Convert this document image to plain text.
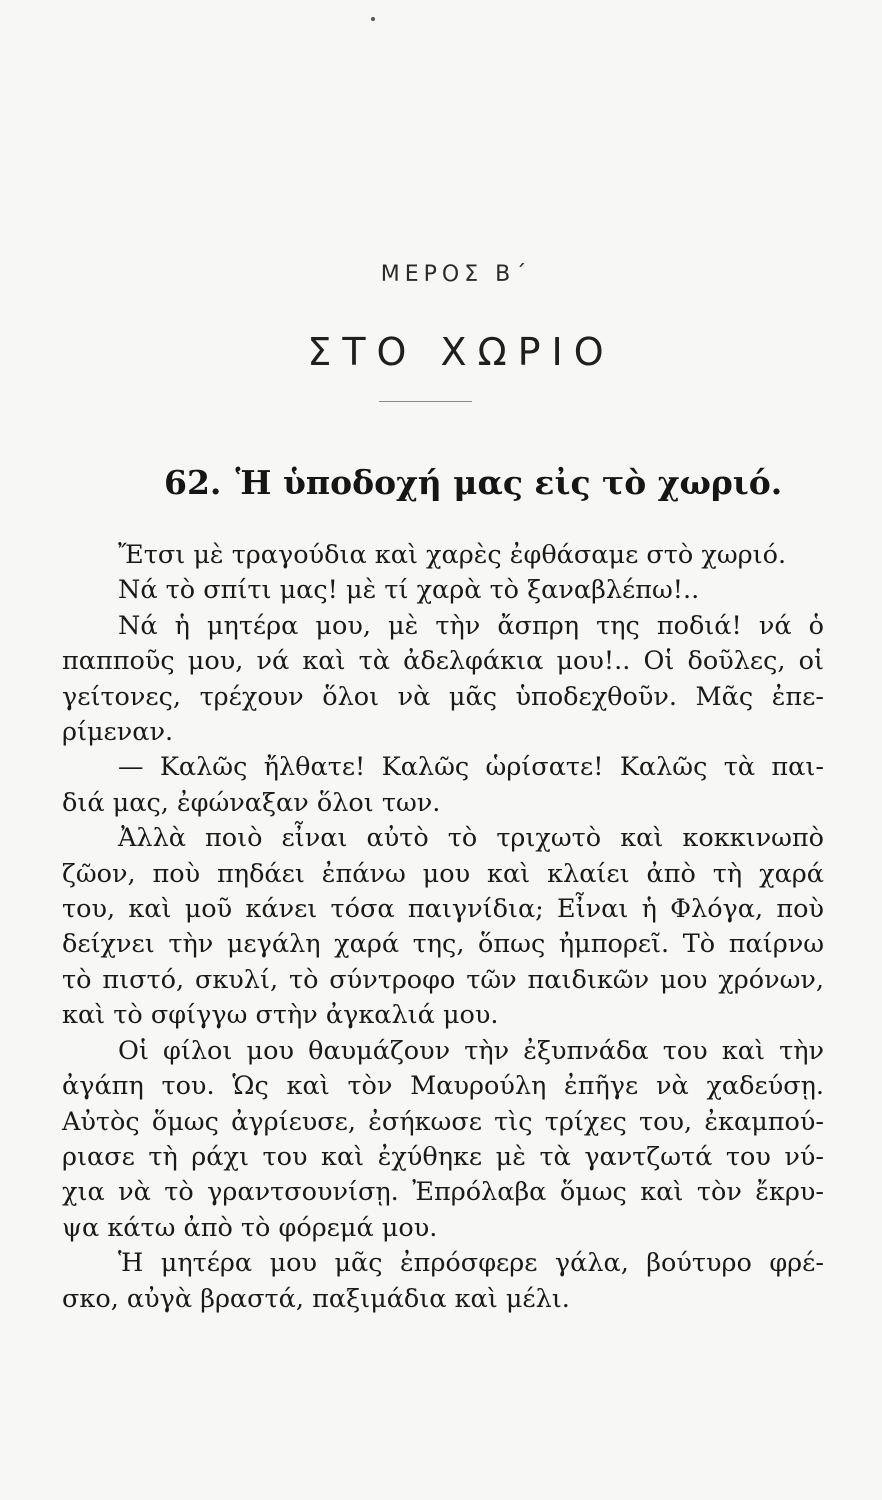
ΜΕΡΟΣ Β΄
ΣΤΟ ΧΩΡΙΟ
62. Ἡ ὑποδοχή μας εἰς τὸ χωριό.
Ἔτσι μὲ τραγούδια καὶ χαρὲς ἐφθάσαμε στὸ χωριό.
Νά τὸ σπίτι μας! μὲ τί χαρὰ τὸ ξαναβλέπω!..
Νά ἡ μητέρα μου, μὲ τὴν ἄσπρη της ποδιά! νά ὁ
παπποῦς μου, νά καὶ τὰ ἀδελφάκια μου!.. Οἱ δοῦλες, οἱ
γείτονες, τρέχουν ὅλοι νὰ μᾶς ὑποδεχθοῦν. Μᾶς ἐπε-
ρίμεναν.
— Καλῶς ἤλθατε! Καλῶς ὡρίσατε! Καλῶς τὰ παι-
διά μας, ἐφώναξαν ὅλοι των.
Ἀλλὰ ποιὸ εἶναι αὐτὸ τὸ τριχωτὸ καὶ κοκκινωπὸ
ζῶον, ποὺ πηδάει ἐπάνω μου καὶ κλαίει ἀπὸ τὴ χαρά
του, καὶ μοῦ κάνει τόσα παιγνίδια; Εἶναι ἡ Φλόγα, ποὺ
δείχνει τὴν μεγάλη χαρά της, ὅπως ἠμπορεῖ. Τὸ παίρνω
τὸ πιστό, σκυλί, τὸ σύντροφο τῶν παιδικῶν μου χρόνων,
καὶ τὸ σφίγγω στὴν ἀγκαλιά μου.
Οἱ φίλοι μου θαυμάζουν τὴν ἐξυπνάδα του καὶ τὴν
ἀγάπη του. Ὡς καὶ τὸν Μαυρούλη ἐπῆγε νὰ χαδεύσῃ.
Αὐτὸς ὅμως ἀγρίευσε, ἐσήκωσε τὶς τρίχες του, ἐκαμπού-
ριασε τὴ ράχι του καὶ ἐχύθηκε μὲ τὰ γαντζωτά του νύ-
χια νὰ τὸ γραντσουνίσῃ. Ἐπρόλαβα ὅμως καὶ τὸν ἔκρυ-
ψα κάτω ἀπὸ τὸ φόρεμά μου.
Ἡ μητέρα μου μᾶς ἐπρόσφερε γάλα, βούτυρο φρέ-
σκο, αὐγὰ βραστά, παξιμάδια καὶ μέλι.
